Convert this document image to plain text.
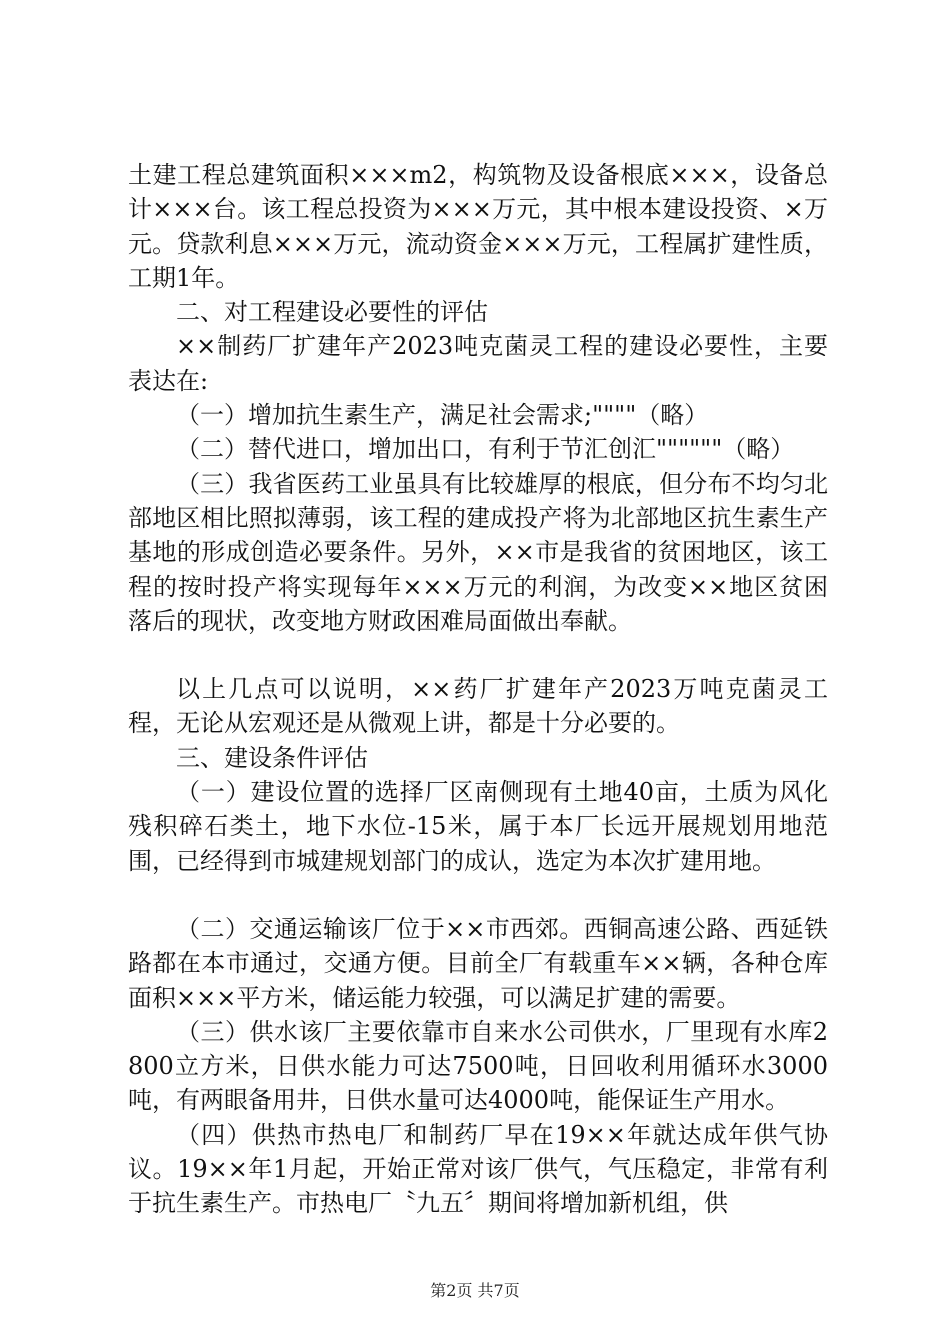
土建工程总建筑面积×××m2，构筑物及设备根底×××，设备总计×××台。该工程总投资为×××万元，其中根本建设投资、×万元。贷款利息×××万元，流动资金×××万元，工程属扩建性质，工期1年。

二、对工程建设必要性的评估

××制药厂扩建年产2023吨克菌灵工程的建设必要性，主要表达在:

（一）增加抗生素生产，满足社会需求;""""（略）

（二）替代进口，增加出口，有利于节汇创汇""""""（略）

（三）我省医药工业虽具有比较雄厚的根底，但分布不均匀北部地区相比照拟薄弱，该工程的建成投产将为北部地区抗生素生产基地的形成创造必要条件。另外，××市是我省的贫困地区，该工程的按时投产将实现每年×××万元的利润，为改变××地区贫困落后的现状，改变地方财政困难局面做出奉献。

以上几点可以说明，××药厂扩建年产2023万吨克菌灵工程，无论从宏观还是从微观上讲，都是十分必要的。

三、建设条件评估

（一）建设位置的选择厂区南侧现有土地40亩，土质为风化残积碎石类土，地下水位-15米，属于本厂长远开展规划用地范围，已经得到市城建规划部门的成认，选定为本次扩建用地。

（二）交通运输该厂位于××市西郊。西铜高速公路、西延铁路都在本市通过，交通方便。目前全厂有载重车××辆，各种仓库面积×××平方米，储运能力较强，可以满足扩建的需要。

（三）供水该厂主要依靠市自来水公司供水，厂里现有水库2800立方米，日供水能力可达7500吨，日回收利用循环水3000吨，有两眼备用井，日供水量可达4000吨，能保证生产用水。

（四）供热市热电厂和制药厂早在19××年就达成年供气协议。19××年1月起，开始正常对该厂供气，气压稳定，非常有利于抗生素生产。市热电厂〝九五〞期间将增加新机组，供

第2页 共7页
